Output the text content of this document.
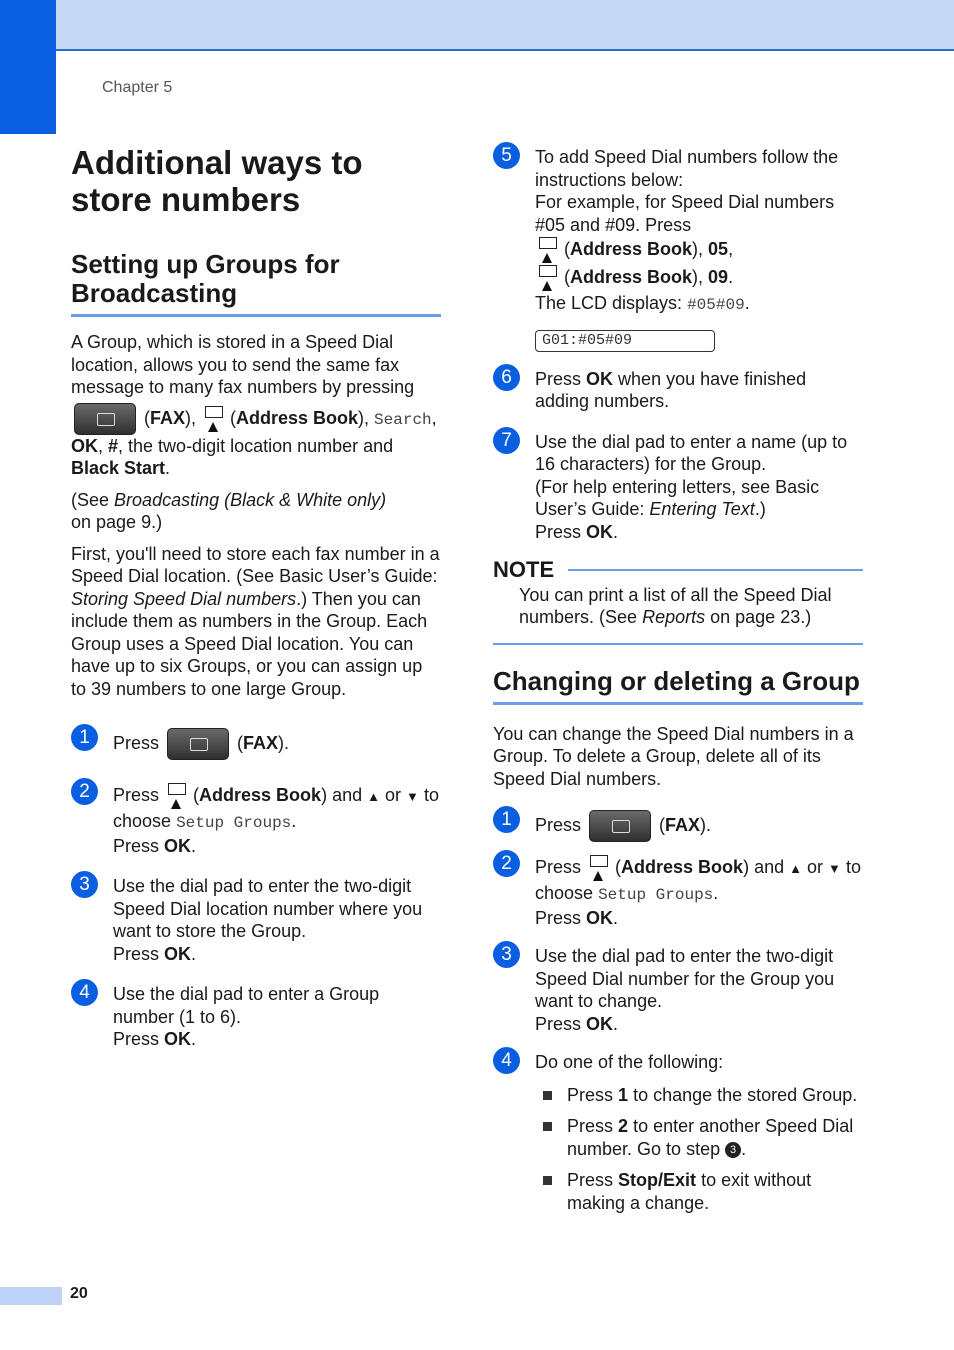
Chapter 5
Additional ways to store numbers
Setting up Groups for Broadcasting

A Group, which is stored in a Speed Dial location, allows you to send the same fax message to many fax numbers by pressing

(FAX),
(Address Book), Search, OK, #, the two-digit location number and Black Start.

(See Broadcasting (Black & White only)
on page 9.)

First, you'll need to store each fax number in a Speed Dial location. (See Basic User’s Guide: Storing Speed Dial numbers.) Then you can include them as numbers in the Group. Each Group uses a Speed Dial location. You can have up to six Groups, or you can assign up to 39 numbers to one large Group.

1	Press	(FAX).
2	Press
(Address Book) and ▲ or ▼ to choose Setup Groups.
Press OK.
3	Use the dial pad to enter the two-digit Speed Dial location number where you want to store the Group.
Press OK.
4	Use the dial pad to enter a Group number (1 to 6).
Press OK.
5	To add Speed Dial numbers follow the instructions below:
For example, for Speed Dial numbers #05 and #09. Press

(Address Book), 05,

(Address Book), 09.
The LCD displays: #05#09.
G01:#05#09
6	Press OK when you have finished adding numbers.
7	Use the dial pad to enter a name (up to 16 characters) for the Group.
(For help entering letters, see Basic User’s Guide: Entering Text.)
Press OK.
NOTE
You can print a list of all the Speed Dial numbers. (See Reports on page 23.)
Changing or deleting a Group

You can change the Speed Dial numbers in a Group. To delete a Group, delete all of its Speed Dial numbers.

1	Press	(FAX).
2	Press
(Address Book) and ▲ or ▼ to choose Setup Groups.
Press OK.
3	Use the dial pad to enter the two-digit Speed Dial number for the Group you want to change.
Press OK.
4	Do one of the following:
Press 1 to change the stored Group.
Press 2 to enter another Speed Dial number. Go to step 3 .
Press Stop/Exit to exit without making a change.
20
